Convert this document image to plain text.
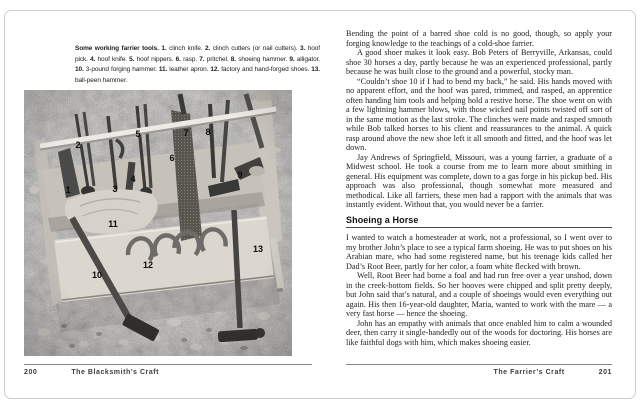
Some working farrier tools. 1. clinch knife. 2. clinch cutters (or nail cutters). 3. hoof pick. 4. hoof knife. 5. hoof nippers. 6. rasp. 7. pritchel. 8. shoeing hammer. 9. alligator. 10. 3-pound forging hammer. 11. leather apron. 12. factory and hand-forged shoes. 13. ball-peen hammer.

1
2
3
4
5
6
7 8
9
10
11
12
13
200	The Blacksmith’s Craft

Bending the point of a barred shoe cold is no good, though, so apply your forging knowledge to the teachings of a cold-shoe farrier.

A good shoer makes it look easy. Bob Peters of Berryville, Arkansas, could shoe 30 horses a day, partly because he was an experienced professional, partly because he was built close to the ground and a powerful, stocky man.

“Couldn’t shoe 10 if I had to bend my back,” he said. His hands moved with no apparent effort, and the hoof was pared, trimmed, and rasped, an apprentice often handing him tools and helping hold a restive horse. The shoe went on with a few lightning hammer blows, with those wicked nail points twisted off sort of in the same motion as the last stroke. The clinches were made and rasped smooth while Bob talked horses to his client and reassurances to the animal. A quick rasp around above the new shoe left it all smooth and fitted, and the hoof was let down.

Jay Andrews of Springfield, Missouri, was a young farrier, a graduate of a Midwest school. He took a course from me to learn more about smithing in general. His equipment was complete, down to a gas forge in his pickup bed. His approach was also professional, though somewhat more measured and methodical. Like all farriers, these men had a rapport with the animals that was instantly evident. Without that, you would never be a farrier.

Shoeing a Horse

I wanted to watch a homesteader at work, not a professional, so I went over to my brother John’s place to see a typical farm shoeing. He was to put shoes on his Arabian mare, who had some registered name, but his teenage kids called her Dad’s Root Beer, partly for her color, a foam white flecked with brown.

Well, Root Beer had borne a foal and had run free over a year unshod, down in the creek-bottom fields. So her hooves were chipped and split pretty deeply, but John said that’s natural, and a couple of shoeings would even everything out again. His then 16-year-old daughter, Maria, wanted to work with the mare — a very fast horse — hence the shoeing.

John has an empathy with animals that once enabled him to calm a wounded deer, then carry it single-handedly out of the woods for doctoring. His horses are like faithful dogs with him, which makes shoeing easier.

The Farrier’s Craft	201
